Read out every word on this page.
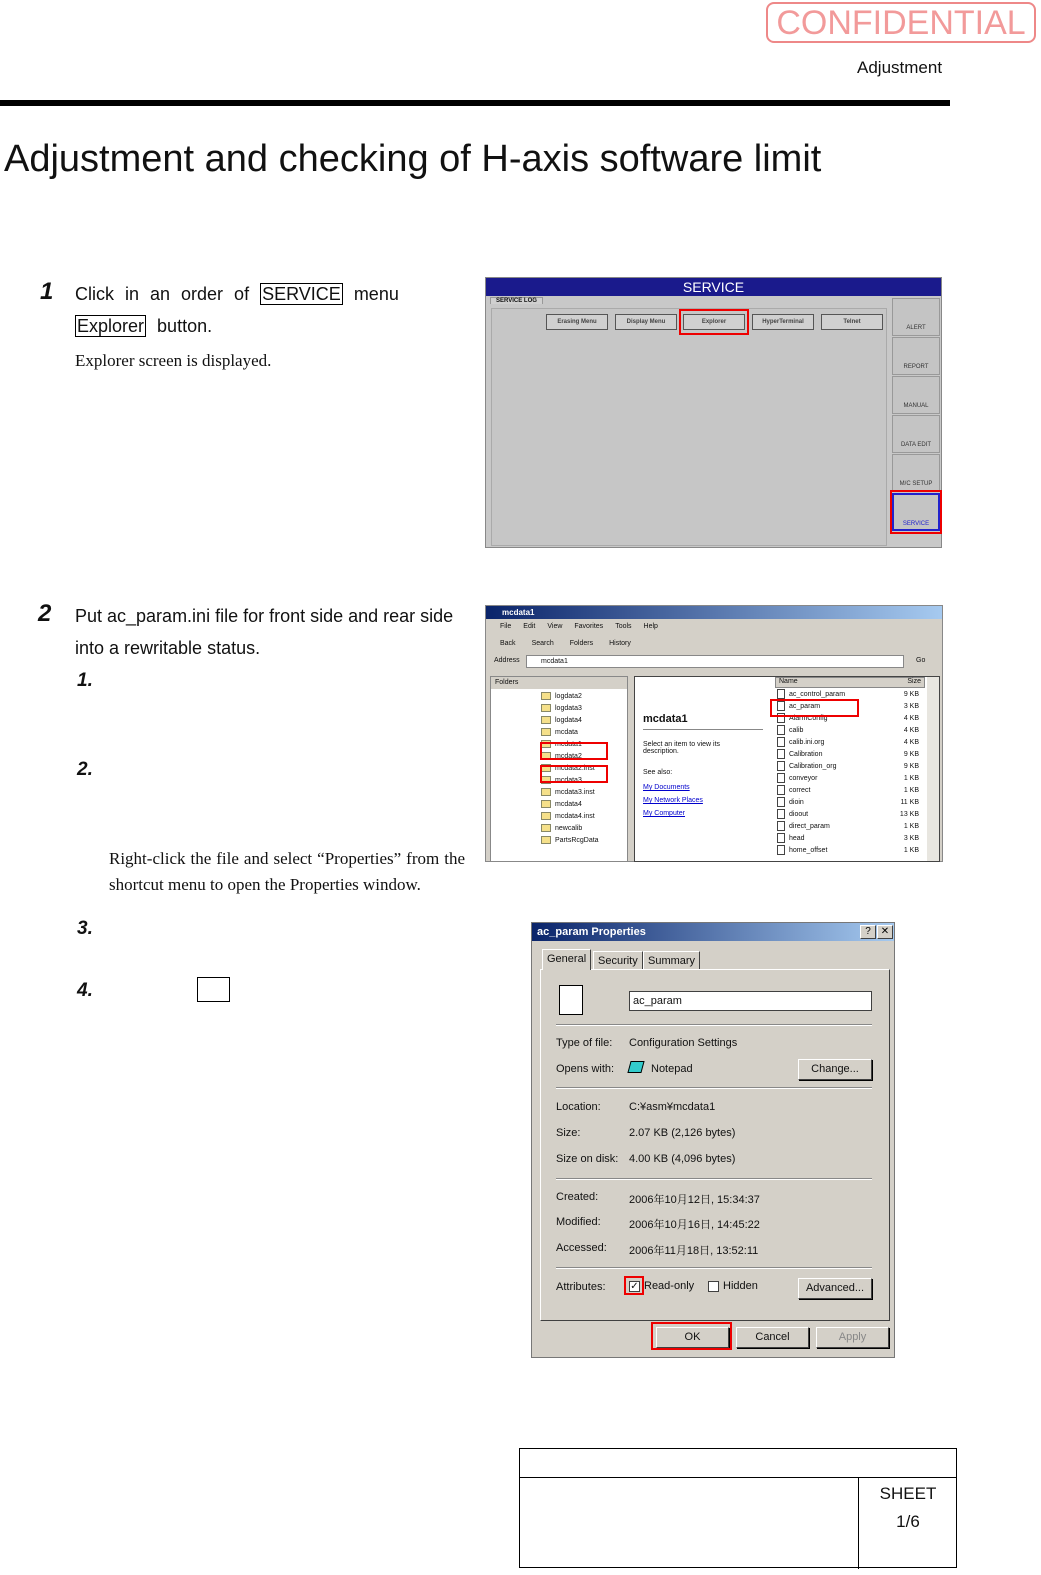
CONFIDENTIAL
Adjustment
Adjustment and checking of H-axis software limit
1 Click in an order of SERVICE menu
Explorer button.
Explorer screen is displayed.
SERVICE
SERVICE LOG
Erasing Menu	Display Menu	Explorer	HyperTerminal	Telnet
ALERT
REPORT
MANUAL
DATA EDIT
M/C SETUP
SERVICE
2 Put ac_param.ini file for front side and rear side into a rewritable status.
1.
2.
Right-click the file and select “Properties” from the shortcut menu to open the Properties window.
3.
4.
mcdata1
File Edit View Favorites Tools Help
Back Search Folders History
Address	mcdata1	Go
Folders
logdata2
logdata3
logdata4
mcdata
mcdata1
mcdata2
mcdata2.inst
mcdata3
mcdata3.inst
mcdata4
mcdata4.inst
newcalib
PartsRcgData
mcdata1
Select an item to view its description.
See also:
My Documents
My Network Places
My Computer
Name	Size
ac_control_param	9 KB
ac_param	3 KB
AlarmConfig	4 KB
calib	4 KB
calib.ini.org	4 KB
Calibration	9 KB
Calibration_org	9 KB
conveyor	1 KB
correct	1 KB
dioin	11 KB
dioout	13 KB
direct_param	1 KB
head	3 KB
home_offset	1 KB
ac_param Properties	?	✕
General	Security Summary
ac_param
Type of file: Configuration Settings
Opens with:	Notepad	Change...
Location:	C:¥asm¥mcdata1
Size:	2.07 KB (2,126 bytes)
Size on disk: 4.00 KB (4,096 bytes)
Created:	2006年10月12日, 15:34:37
Modified:	2006年10月16日, 14:45:22
Accessed: 2006年11月18日, 13:52:11
Attributes: ✓ Read-only	Hidden	Advanced...
OK	Cancel	Apply
SHEET
1/6
